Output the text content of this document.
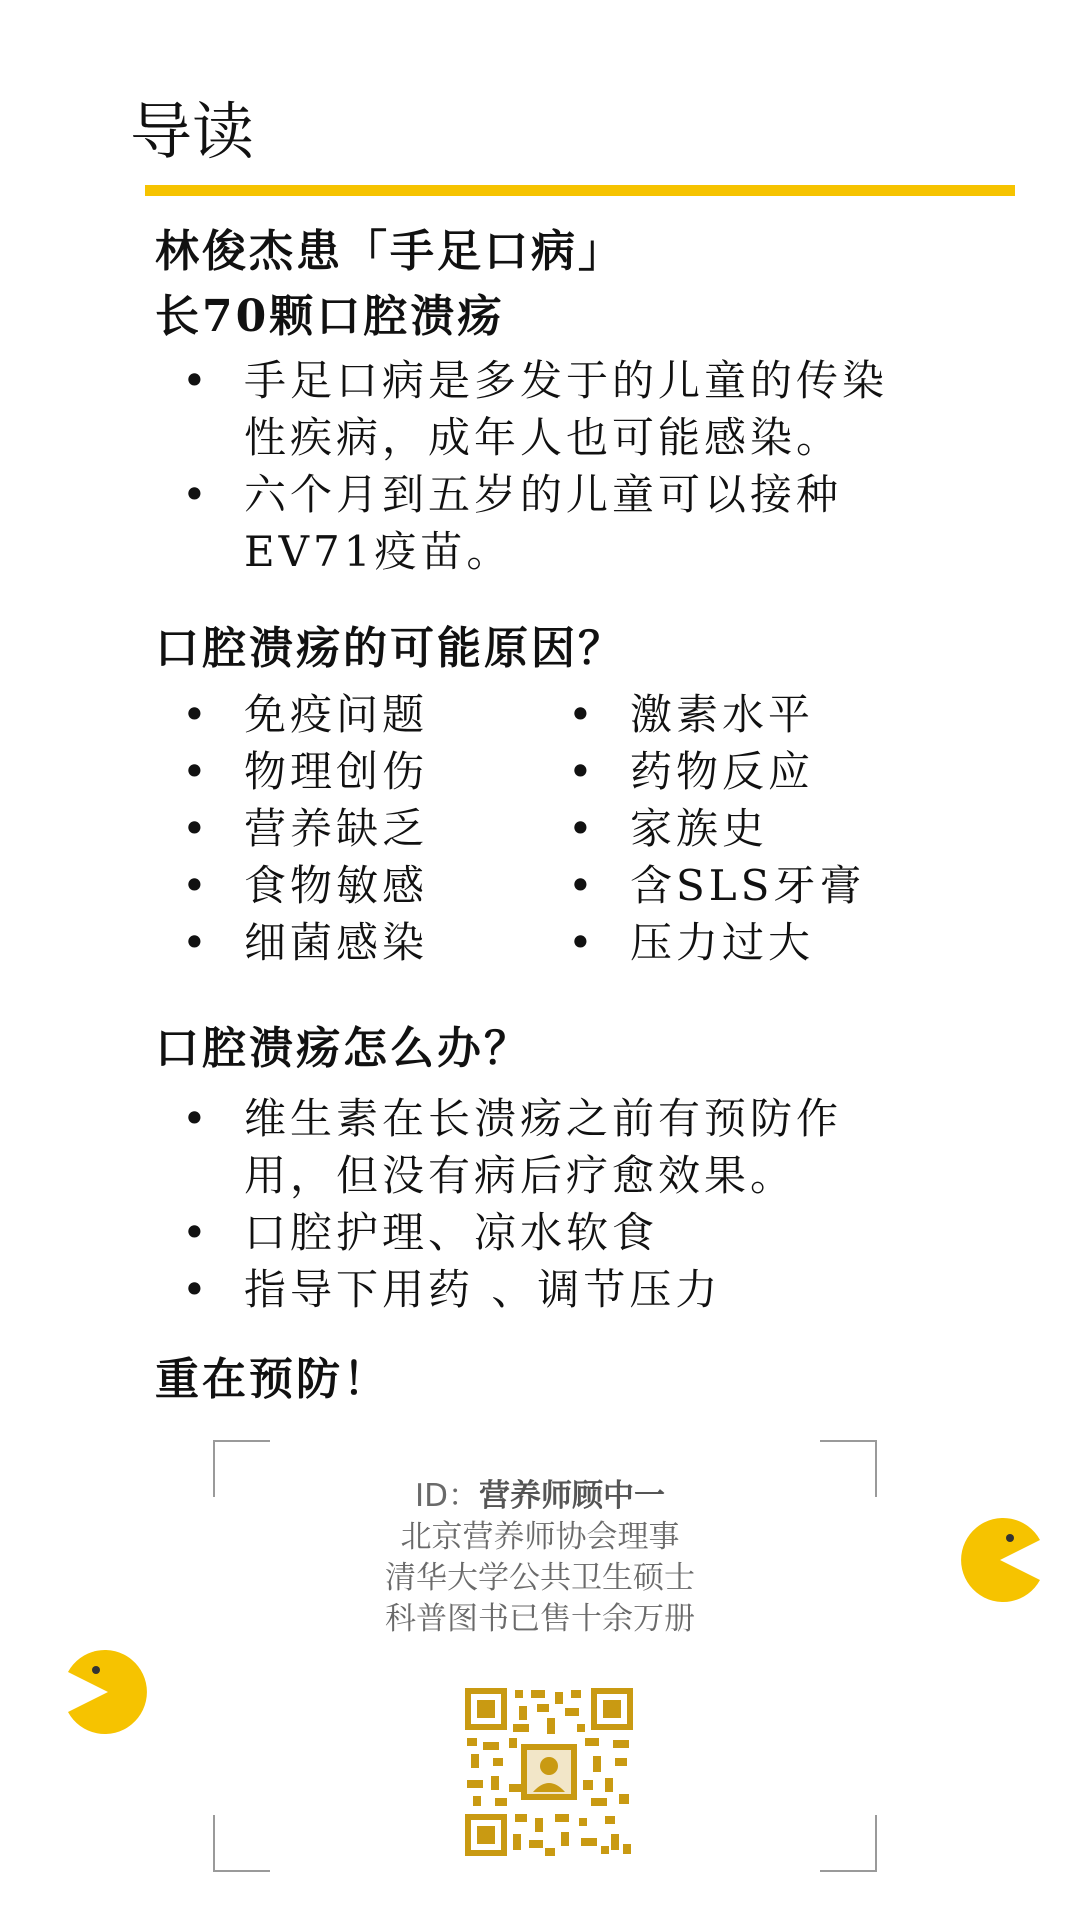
导读
林俊杰患「手足口病」
长70颗口腔溃疡
• 手足口病是多发于的儿童的传染性疾病，成年人也可能感染。
• 六个月到五岁的儿童可以接种EV71疫苗。
口腔溃疡的可能原因？
• 免疫问题
• 物理创伤
• 营养缺乏
• 食物敏感
• 细菌感染
• 激素水平
• 药物反应
• 家族史
• 含SLS牙膏
• 压力过大
口腔溃疡怎么办？
• 维生素在长溃疡之前有预防作用，但没有病后疗愈效果。
• 口腔护理、凉水软食
• 指导下用药 、调节压力
重在预防！
ID：营养师顾中一
北京营养师协会理事
清华大学公共卫生硕士
科普图书已售十余万册
